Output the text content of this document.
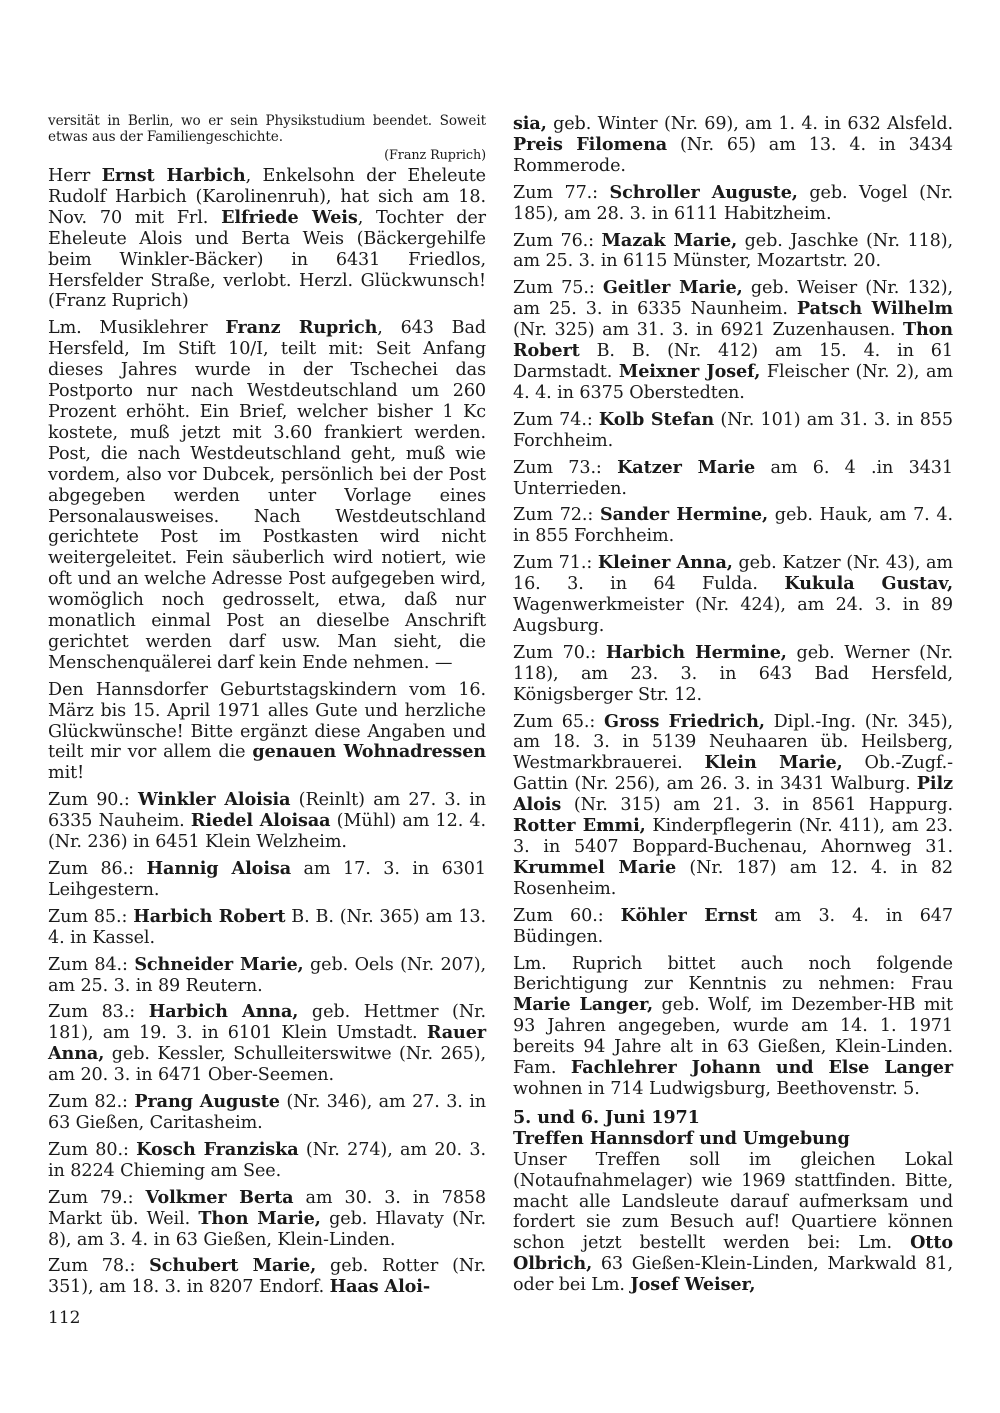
versität in Berlin, wo er sein Physikstudium beendet. Soweit etwas aus der Familiengeschichte.

(Franz Ruprich)

Herr Ernst Harbich, Enkelsohn der Eheleute Rudolf Harbich (Karolinenruh), hat sich am 18. Nov. 70 mit Frl. Elfriede Weis, Tochter der Eheleute Alois und Berta Weis (Bäckergehilfe beim Winkler-Bäcker) in 6431 Friedlos, Hersfelder Straße, verlobt. Herzl. Glückwunsch! (Franz Ruprich)

Lm. Musiklehrer Franz Ruprich, 643 Bad Hersfeld, Im Stift 10/I, teilt mit: Seit Anfang dieses Jahres wurde in der Tschechei das Postporto nur nach Westdeutschland um 260 Prozent erhöht. Ein Brief, welcher bisher 1 Kc kostete, muß jetzt mit 3.60 frankiert werden. Post, die nach Westdeutschland geht, muß wie vordem, also vor Dubcek, persönlich bei der Post abgegeben werden unter Vorlage eines Personalausweises. Nach Westdeutschland gerichtete Post im Postkasten wird nicht weitergeleitet. Fein säuberlich wird notiert, wie oft und an welche Adresse Post aufgegeben wird, womöglich noch gedrosselt, etwa, daß nur monatlich einmal Post an dieselbe Anschrift gerichtet werden darf usw. Man sieht, die Menschenquälerei darf kein Ende nehmen. —

Den Hannsdorfer Geburtstagskindern vom 16. März bis 15. April 1971 alles Gute und herzliche Glückwünsche! Bitte ergänzt diese Angaben und teilt mir vor allem die genauen Wohnadressen mit!

Zum 90.: Winkler Aloisia (Reinlt) am 27. 3. in 6335 Nauheim. Riedel Aloisaa (Mühl) am 12. 4. (Nr. 236) in 6451 Klein Welzheim.

Zum 86.: Hannig Aloisa am 17. 3. in 6301 Leihgestern.

Zum 85.: Harbich Robert B. B. (Nr. 365) am 13. 4. in Kassel.

Zum 84.: Schneider Marie, geb. Oels (Nr. 207), am 25. 3. in 89 Reutern.

Zum 83.: Harbich Anna, geb. Hettmer (Nr. 181), am 19. 3. in 6101 Klein Umstadt. Rauer Anna, geb. Kessler, Schulleiterswitwe (Nr. 265), am 20. 3. in 6471 Ober-Seemen.

Zum 82.: Prang Auguste (Nr. 346), am 27. 3. in 63 Gießen, Caritasheim.

Zum 80.: Kosch Franziska (Nr. 274), am 20. 3. in 8224 Chieming am See.

Zum 79.: Volkmer Berta am 30. 3. in 7858 Markt üb. Weil. Thon Marie, geb. Hlavaty (Nr. 8), am 3. 4. in 63 Gießen, Klein-Linden.

Zum 78.: Schubert Marie, geb. Rotter (Nr. 351), am 18. 3. in 8207 Endorf. Haas Aloi-

sia, geb. Winter (Nr. 69), am 1. 4. in 632 Alsfeld. Preis Filomena (Nr. 65) am 13. 4. in 3434 Rommerode.

Zum 77.: Schroller Auguste, geb. Vogel (Nr. 185), am 28. 3. in 6111 Habitzheim.

Zum 76.: Mazak Marie, geb. Jaschke (Nr. 118), am 25. 3. in 6115 Münster, Mozartstr. 20.

Zum 75.: Geitler Marie, geb. Weiser (Nr. 132), am 25. 3. in 6335 Naunheim. Patsch Wilhelm (Nr. 325) am 31. 3. in 6921 Zuzenhausen. Thon Robert B. B. (Nr. 412) am 15. 4. in 61 Darmstadt. Meixner Josef, Fleischer (Nr. 2), am 4. 4. in 6375 Oberstedten.

Zum 74.: Kolb Stefan (Nr. 101) am 31. 3. in 855 Forchheim.

Zum 73.: Katzer Marie am 6. 4 .in 3431 Unterrieden.

Zum 72.: Sander Hermine, geb. Hauk, am 7. 4. in 855 Forchheim.

Zum 71.: Kleiner Anna, geb. Katzer (Nr. 43), am 16. 3. in 64 Fulda. Kukula Gustav, Wagenwerkmeister (Nr. 424), am 24. 3. in 89 Augsburg.

Zum 70.: Harbich Hermine, geb. Werner (Nr. 118), am 23. 3. in 643 Bad Hersfeld, Königsberger Str. 12.

Zum 65.: Gross Friedrich, Dipl.-Ing. (Nr. 345), am 18. 3. in 5139 Neuhaaren üb. Heilsberg, Westmarkbrauerei. Klein Marie, Ob.-Zugf.-Gattin (Nr. 256), am 26. 3. in 3431 Walburg. Pilz Alois (Nr. 315) am 21. 3. in 8561 Happurg. Rotter Emmi, Kinderpflegerin (Nr. 411), am 23. 3. in 5407 Boppard-Buchenau, Ahornweg 31. Krummel Marie (Nr. 187) am 12. 4. in 82 Rosenheim.

Zum 60.: Köhler Ernst am 3. 4. in 647 Büdingen.

Lm. Ruprich bittet auch noch folgende Berichtigung zur Kenntnis zu nehmen: Frau Marie Langer, geb. Wolf, im Dezember-HB mit 93 Jahren angegeben, wurde am 14. 1. 1971 bereits 94 Jahre alt in 63 Gießen, Klein-Linden. Fam. Fachlehrer Johann und Else Langer wohnen in 714 Ludwigsburg, Beethovenstr. 5.

5. und 6. Juni 1971

Treffen Hannsdorf und Umgebung

Unser Treffen soll im gleichen Lokal (Notaufnahmelager) wie 1969 stattfinden. Bitte, macht alle Landsleute darauf aufmerksam und fordert sie zum Besuch auf! Quartiere können schon jetzt bestellt werden bei: Lm. Otto Olbrich, 63 Gießen-Klein-Linden, Markwald 81, oder bei Lm. Josef Weiser,

112
